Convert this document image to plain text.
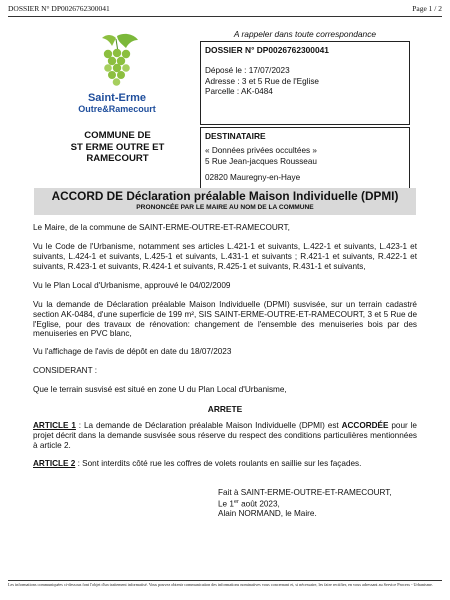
DOSSIER N° DP0026762300041	Page 1 / 2
Saint-Erme
Outre&Ramecourt
COMMUNE DE
ST ERME OUTRE ET
RAMECOURT
A rappeler dans toute correspondance
DOSSIER N° DP0026762300041
Déposé le : 17/07/2023
Adresse : 3 et 5 Rue de l'Eglise
Parcelle : AK-0484
DESTINATAIRE
« Données privées occultées »
5 Rue Jean-jacques Rousseau
02820 Mauregny-en-Haye
ACCORD DE Déclaration préalable Maison Individuelle (DPMI)
PRONONCÉE PAR LE MAIRE AU NOM DE LA COMMUNE
Le Maire, de la commune de SAINT-ERME-OUTRE-ET-RAMECOURT,
Vu le Code de l'Urbanisme, notamment ses articles L.421-1 et suivants, L.422-1 et suivants, L.423-1 et suivants, L.424-1 et suivants, L.425-1 et suivants, L.431-1 et suivants ; R.421-1 et suivants, R.422-1 et suivants, R.423-1 et suivants, R.424-1 et suivants, R.425-1 et suivants, R.431-1 et suivants,
Vu le Plan Local d'Urbanisme, approuvé le 04/02/2009
Vu la demande de Déclaration préalable Maison Individuelle (DPMI) susvisée, sur un terrain cadastré section AK-0484, d'une superficie de 199 m², SIS SAINT-ERME-OUTRE-ET-RAMECOURT, 3 et 5 Rue de l'Eglise, pour des travaux de rénovation: changement de l'ensemble des menuiseries bois par des menuiseries en PVC blanc,
Vu l'affichage de l'avis de dépôt en date du 18/07/2023
CONSIDERANT :
Que le terrain susvisé est situé en zone U du Plan Local d'Urbanisme,
ARRETE
ARTICLE 1 : La demande de Déclaration préalable Maison Individuelle (DPMI) est ACCORDÉE pour le projet décrit dans la demande susvisée sous réserve du respect des conditions particulières mentionnées à article 2.
ARTICLE 2 : Sont interdits côté rue les coffres de volets roulants en saillie sur les façades.
Fait à SAINT-ERME-OUTRE-ET-RAMECOURT,
Le 1er août 2023,
Alain NORMAND, le Maire.
Les informations communiquées ci-dessous font l'objet d'un traitement informatisé. Vous pouvez obtenir communication des informations nominatives vous concernant et, si nécessaire, les faire rectifier, en vous adressant au Service Process - Urbanisme.
